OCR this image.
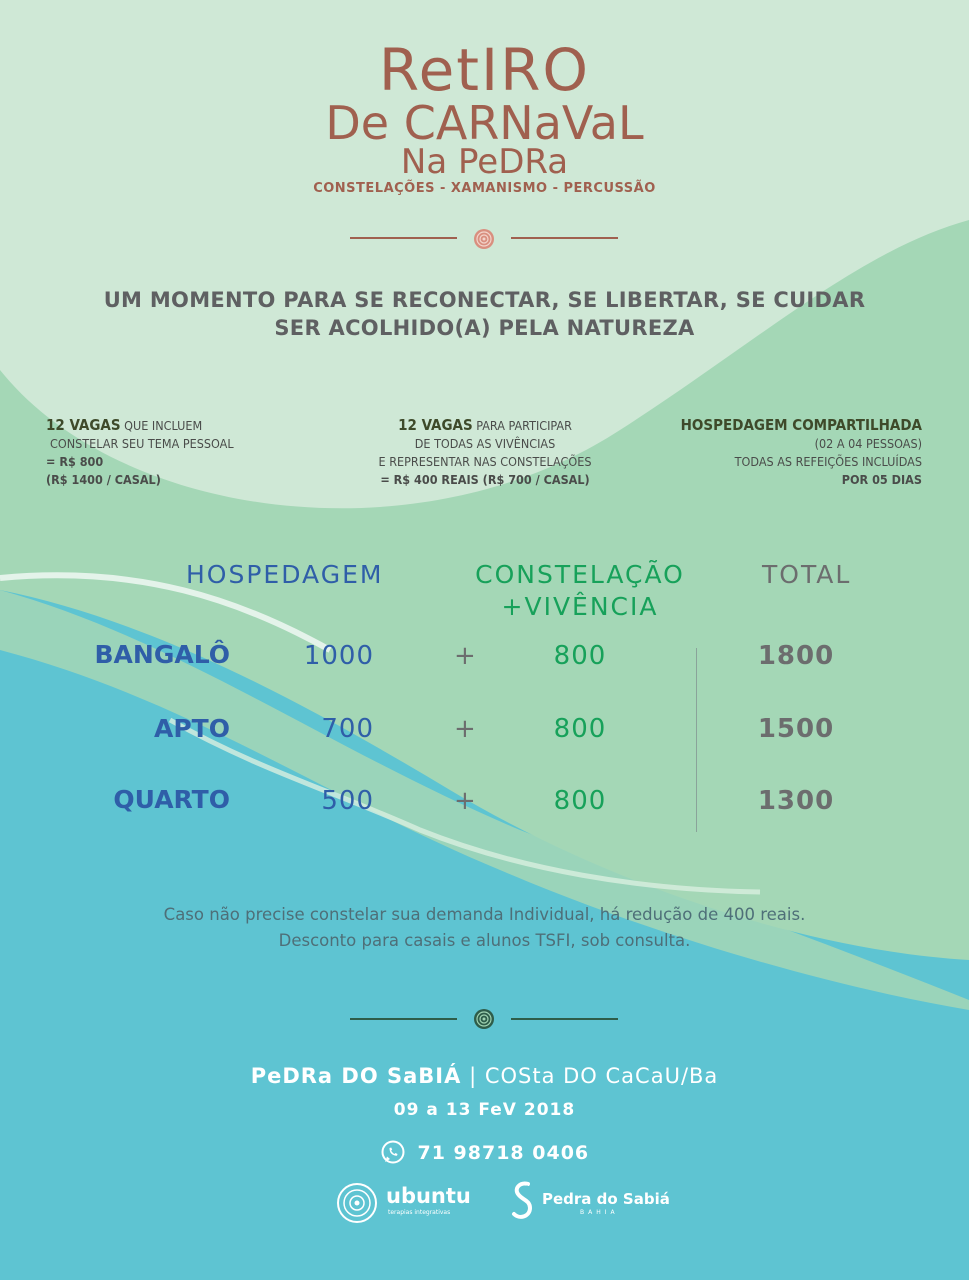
RetIRO
De CARNaVaL
Na PeDRa
CONSTELAÇÕES - XAMANISMO - PERCUSSÃO
UM MOMENTO PARA SE RECONECTAR, SE LIBERTAR, SE CUIDAR
SER ACOLHIDO(A) PELA NATUREZA
12 VAGAS QUE INCLUEM
CONSTELAR SEU TEMA PESSOAL
= R$ 800
(R$ 1400 / CASAL)
12 VAGAS PARA PARTICIPAR
DE TODAS AS VIVÊNCIAS
E REPRESENTAR NAS CONSTELAÇÕES
= R$ 400 REAIS (R$ 700 / CASAL)
HOSPEDAGEM COMPARTILHADA
(02 A 04 PESSOAS)
TODAS AS REFEIÇÕES INCLUÍDAS
POR 05 DIAS
HOSPEDAGEM	CONSTELAÇÃO
+VIVÊNCIA
TOTAL
BANGALÔ	1000	+	800	1800
APTO	700	+	800	1500
QUARTO	500	+	800	1300
Caso não precise constelar sua demanda Individual, há redução de 400 reais.
Desconto para casais e alunos TSFI, sob consulta.
PeDRa DO SaBIÁ | COSta DO CaCaU/Ba
09 a 13 FeV 2018
71 98718 0406
ubuntu
terapias integrativas
Pedra do Sabiá
BAHIA
